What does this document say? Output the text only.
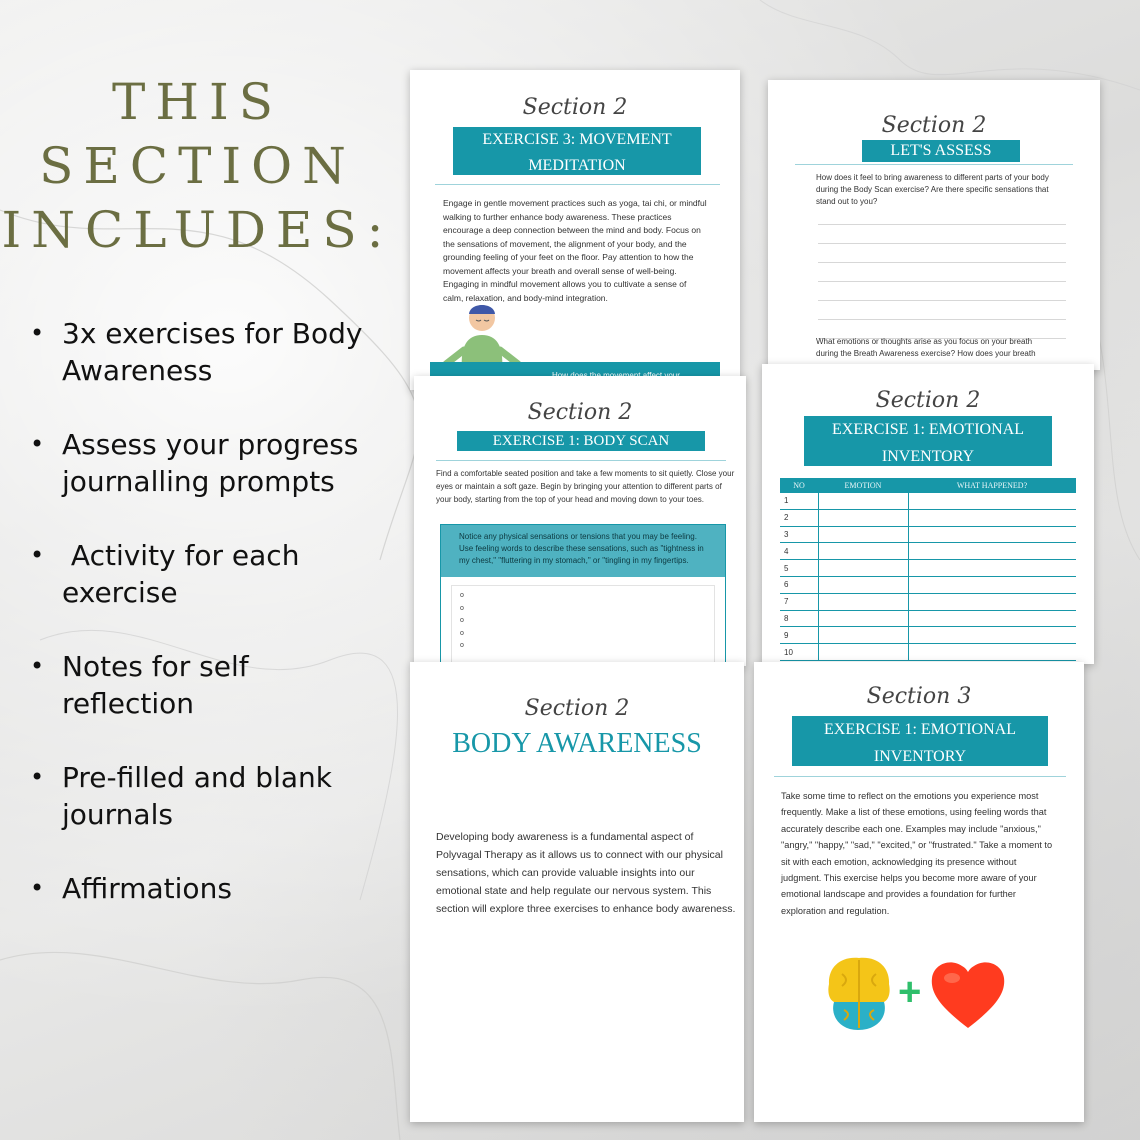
THIS
SECTION
INCLUDES:
• 3x exercises for Body Awareness
• Assess your progress journalling prompts
• Activity for each exercise
• Notes for self reflection
• Pre-filled and blank journals
• Affirmations
Section 2
EXERCISE 3: MOVEMENT
MEDITATION
Engage in gentle movement practices such as yoga, tai chi, or mindful walking to further enhance body awareness. These practices encourage a deep connection between the mind and body. Focus on the sensations of movement, the alignment of your body, and the grounding feeling of your feet on the floor. Pay attention to how the movement affects your breath and overall sense of well-being. Engaging in mindful movement allows you to cultivate a sense of calm, relaxation, and body-mind integration.
Section 2
LET'S ASSESS
How does it feel to bring awareness to different parts of your body during the Body Scan exercise? Are there specific sensations that stand out to you?
What emotions or thoughts arise as you focus on your breath during the Breath Awareness exercise? How does your breath
Section 2
EXERCISE 1: BODY SCAN
Find a comfortable seated position and take a few moments to sit quietly. Close your eyes or maintain a soft gaze. Begin by bringing your attention to different parts of your body, starting from the top of your head and moving down to your toes.
Notice any physical sensations or tensions that you may be feeling. Use feeling words to describe these sensations, such as "tightness in my chest," "fluttering in my stomach," or "tingling in my fingertips.
o
o
o
o
o
Section 2
EXERCISE 1: EMOTIONAL
INVENTORY
NO	EMOTION	WHAT HAPPENED?
1		
2		
3		
4		
5		
6		
7		
8		
9		
10		
Section 2
BODY AWARENESS
Developing body awareness is a fundamental aspect of Polyvagal Therapy as it allows us to connect with our physical sensations, which can provide valuable insights into our emotional state and help regulate our nervous system. This section will explore three exercises to enhance body awareness.
Section 3
EXERCISE 1: EMOTIONAL
INVENTORY
Take some time to reflect on the emotions you experience most frequently. Make a list of these emotions, using feeling words that accurately describe each one. Examples may include "anxious," "angry," "happy," "sad," "excited," or "frustrated." Take a moment to sit with each emotion, acknowledging its presence without judgment. This exercise helps you become more aware of your emotional landscape and provides a foundation for further exploration and regulation.
+
